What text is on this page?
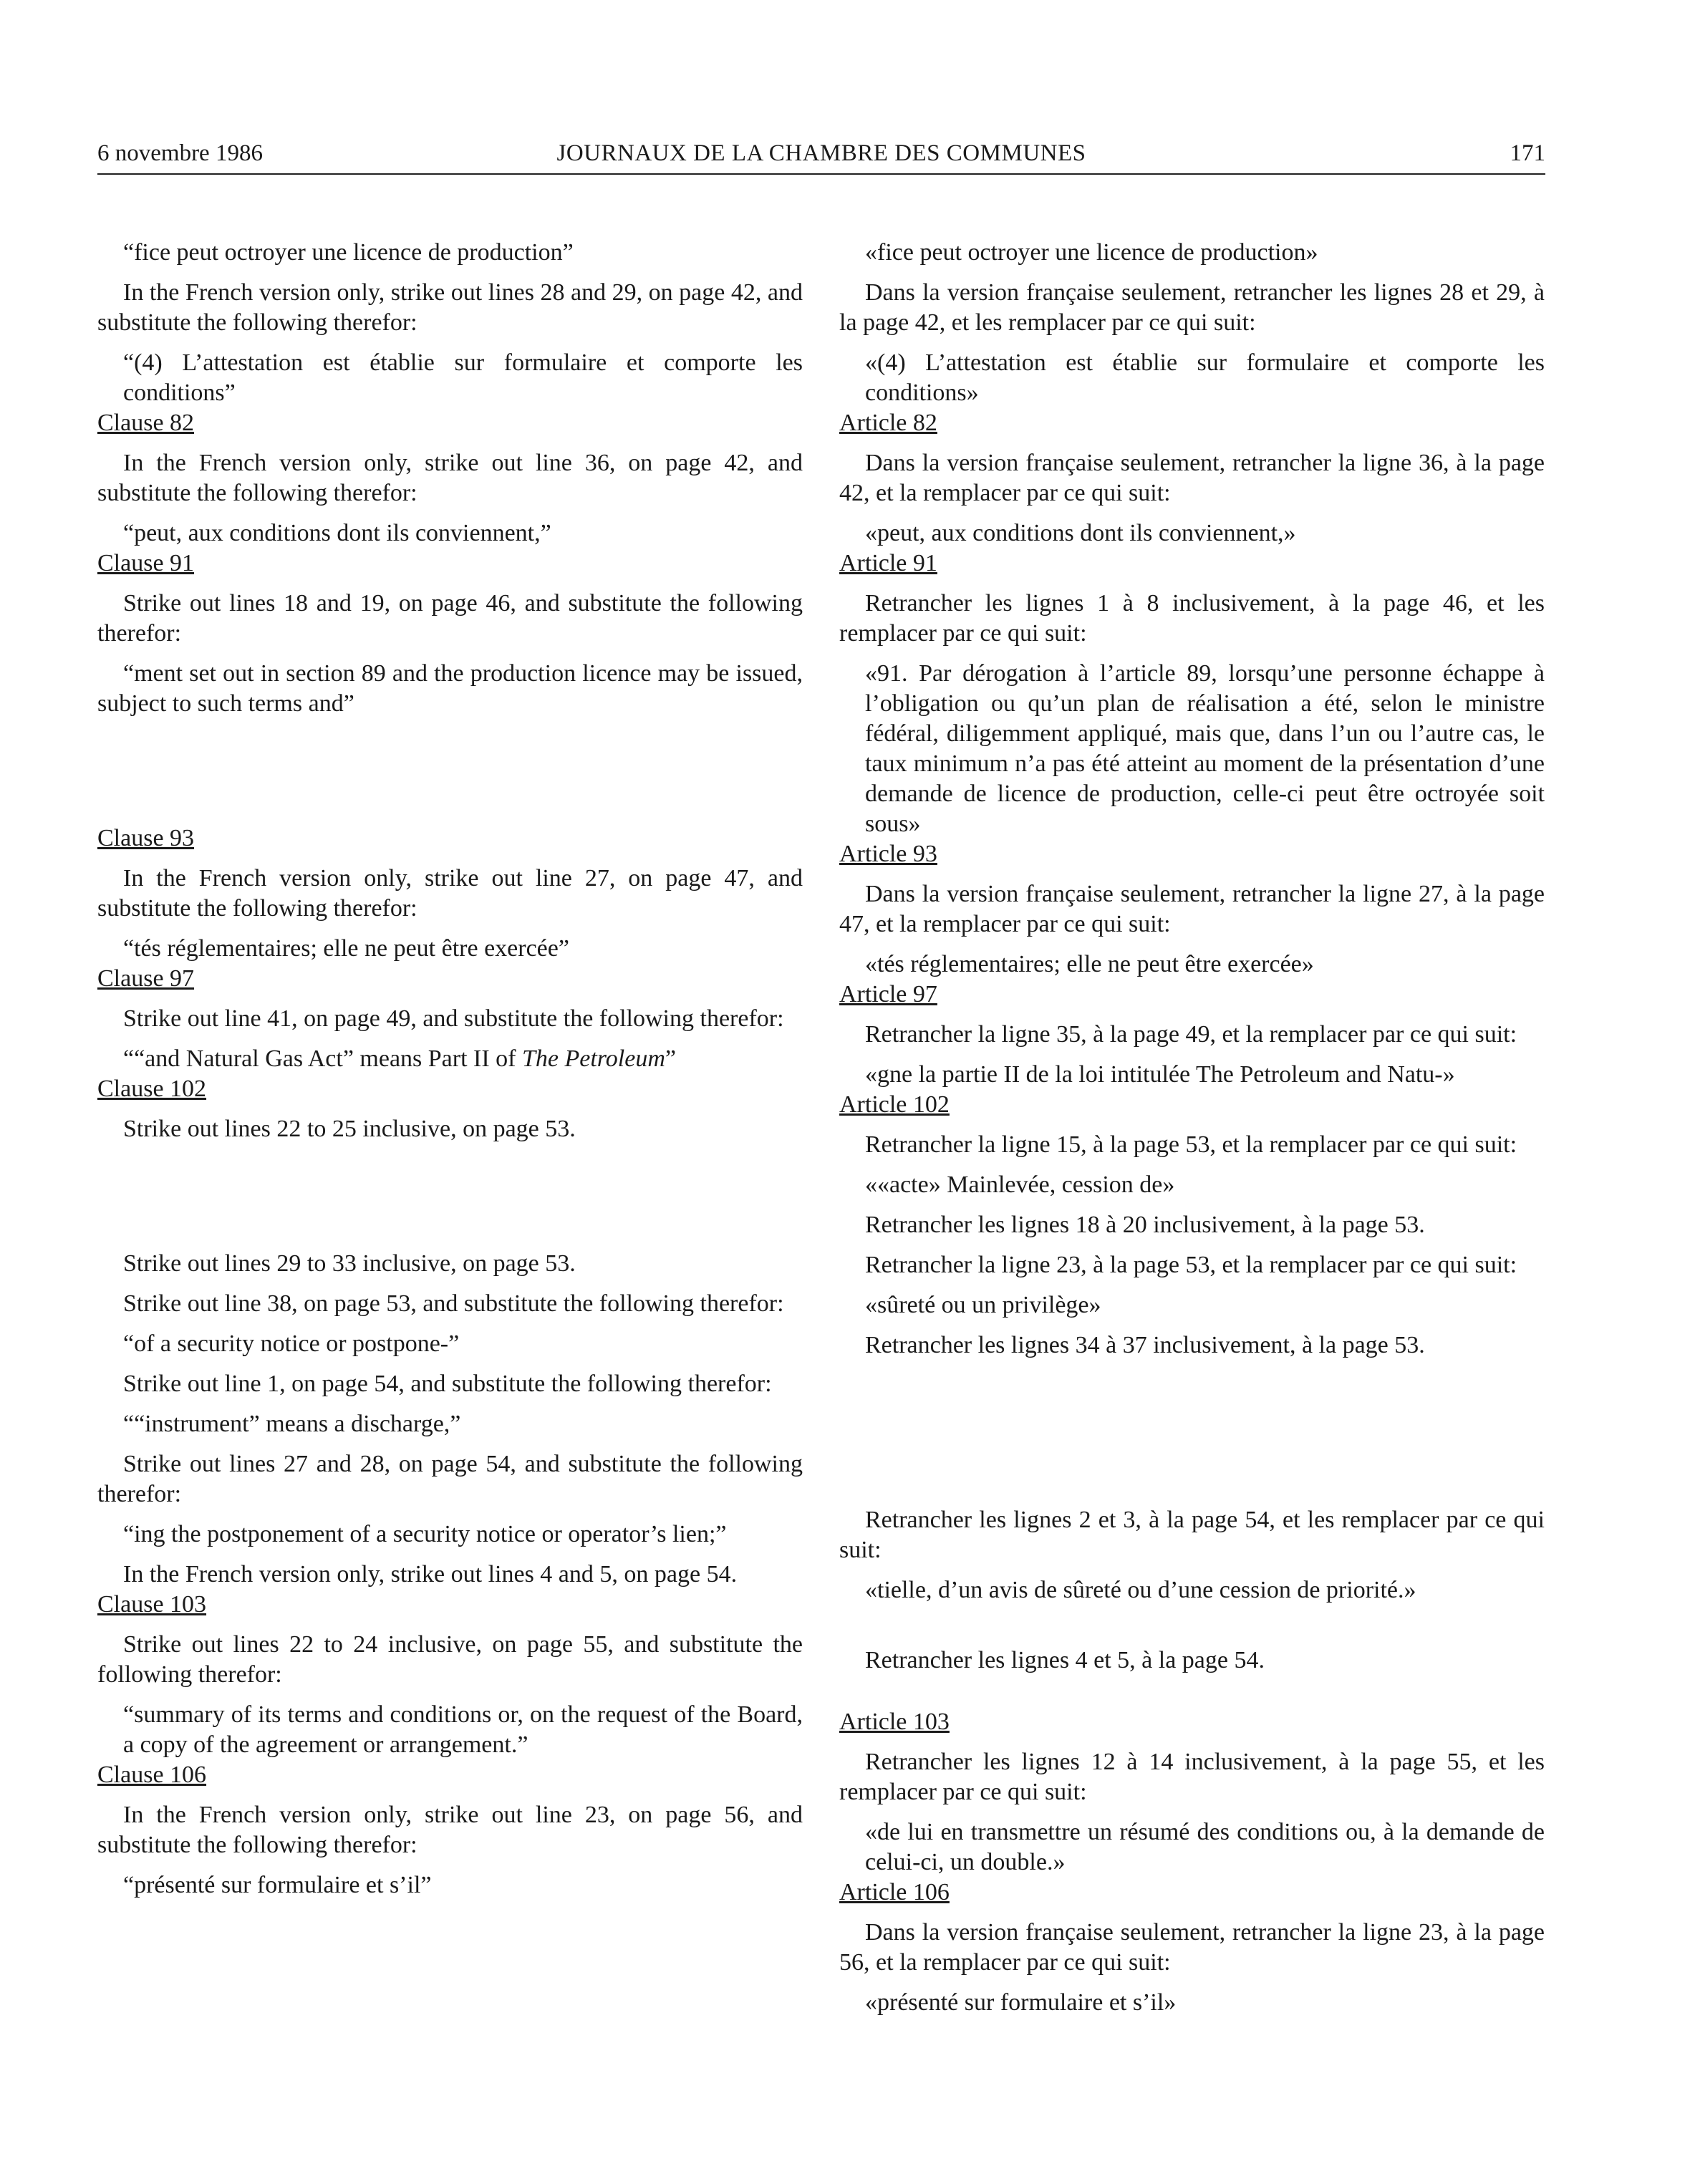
6 novembre 1986	JOURNAUX DE LA CHAMBRE DES COMMUNES	171

“fice peut octroyer une licence de production”

In the French version only, strike out lines 28 and 29, on page 42, and substitute the following therefor:

“(4) L’attestation est établie sur formulaire et comporte les conditions”

Clause 82

In the French version only, strike out line 36, on page 42, and substitute the following therefor:

“peut, aux conditions dont ils conviennent,”

Clause 91

Strike out lines 18 and 19, on page 46, and substitute the following therefor:

“ment set out in section 89 and the production licence may be issued, subject to such terms and”

Clause 93

In the French version only, strike out line 27, on page 47, and substitute the following therefor:

“tés réglementaires; elle ne peut être exercée”

Clause 97

Strike out line 41, on page 49, and substitute the following therefor:

““and Natural Gas Act” means Part II of The Petroleum”

Clause 102

Strike out lines 22 to 25 inclusive, on page 53.

Strike out lines 29 to 33 inclusive, on page 53.

Strike out line 38, on page 53, and substitute the following therefor:

“of a security notice or postpone-”

Strike out line 1, on page 54, and substitute the following therefor:

““instrument” means a discharge,”

Strike out lines 27 and 28, on page 54, and substitute the following therefor:

“ing the postponement of a security notice or operator’s lien;”

In the French version only, strike out lines 4 and 5, on page 54.

Clause 103

Strike out lines 22 to 24 inclusive, on page 55, and substitute the following therefor:

“summary of its terms and conditions or, on the request of the Board, a copy of the agreement or arrangement.”

Clause 106

In the French version only, strike out line 23, on page 56, and substitute the following therefor:

“présenté sur formulaire et s’il”

«fice peut octroyer une licence de production»

Dans la version française seulement, retrancher les lignes 28 et 29, à la page 42, et les remplacer par ce qui suit:

«(4) L’attestation est établie sur formulaire et comporte les conditions»

Article 82

Dans la version française seulement, retrancher la ligne 36, à la page 42, et la remplacer par ce qui suit:

«peut, aux conditions dont ils conviennent,»

Article 91

Retrancher les lignes 1 à 8 inclusivement, à la page 46, et les remplacer par ce qui suit:

«91. Par dérogation à l’article 89, lorsqu’une personne échappe à l’obligation ou qu’un plan de réalisation a été, selon le ministre fédéral, diligemment appliqué, mais que, dans l’un ou l’autre cas, le taux minimum n’a pas été atteint au moment de la présentation d’une demande de licence de production, celle-ci peut être octroyée soit sous»

Article 93

Dans la version française seulement, retrancher la ligne 27, à la page 47, et la remplacer par ce qui suit:

«tés réglementaires; elle ne peut être exercée»

Article 97

Retrancher la ligne 35, à la page 49, et la remplacer par ce qui suit:

«gne la partie II de la loi intitulée The Petroleum and Natu-»

Article 102

Retrancher la ligne 15, à la page 53, et la remplacer par ce qui suit:

««acte» Mainlevée, cession de»

Retrancher les lignes 18 à 20 inclusivement, à la page 53.

Retrancher la ligne 23, à la page 53, et la remplacer par ce qui suit:

«sûreté ou un privilège»

Retrancher les lignes 34 à 37 inclusivement, à la page 53.

Retrancher les lignes 2 et 3, à la page 54, et les remplacer par ce qui suit:

«tielle, d’un avis de sûreté ou d’une cession de priorité.»

Retrancher les lignes 4 et 5, à la page 54.

Article 103

Retrancher les lignes 12 à 14 inclusivement, à la page 55, et les remplacer par ce qui suit:

«de lui en transmettre un résumé des conditions ou, à la demande de celui-ci, un double.»

Article 106

Dans la version française seulement, retrancher la ligne 23, à la page 56, et la remplacer par ce qui suit:

«présenté sur formulaire et s’il»
